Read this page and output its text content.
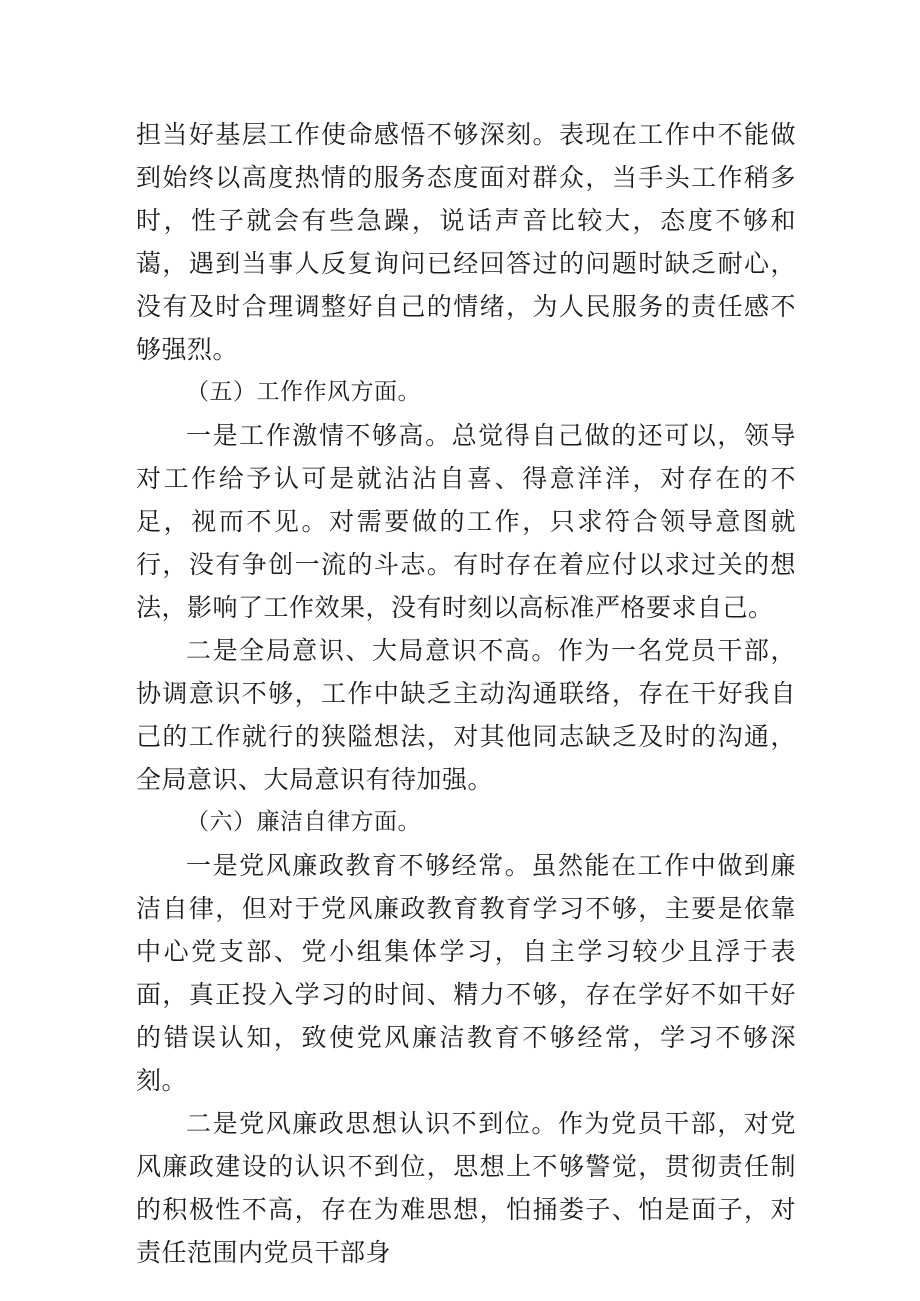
担当好基层工作使命感悟不够深刻。表现在工作中不能做到始终以高度热情的服务态度面对群众，当手头工作稍多时，性子就会有些急躁，说话声音比较大，态度不够和蔼，遇到当事人反复询问已经回答过的问题时缺乏耐心，没有及时合理调整好自己的情绪，为人民服务的责任感不够强烈。

（五）工作作风方面。

一是工作激情不够高。总觉得自己做的还可以，领导对工作给予认可是就沾沾自喜、得意洋洋，对存在的不足，视而不见。对需要做的工作，只求符合领导意图就行，没有争创一流的斗志。有时存在着应付以求过关的想法，影响了工作效果，没有时刻以高标准严格要求自己。

二是全局意识、大局意识不高。作为一名党员干部，协调意识不够，工作中缺乏主动沟通联络，存在干好我自己的工作就行的狭隘想法，对其他同志缺乏及时的沟通，全局意识、大局意识有待加强。

（六）廉洁自律方面。

一是党风廉政教育不够经常。虽然能在工作中做到廉洁自律，但对于党风廉政教育教育学习不够，主要是依靠中心党支部、党小组集体学习，自主学习较少且浮于表面，真正投入学习的时间、精力不够，存在学好不如干好的错误认知，致使党风廉洁教育不够经常，学习不够深刻。

二是党风廉政思想认识不到位。作为党员干部，对党风廉政建设的认识不到位，思想上不够警觉，贯彻责任制的积极性不高，存在为难思想，怕捅娄子、怕是面子，对责任范围内党员干部身
